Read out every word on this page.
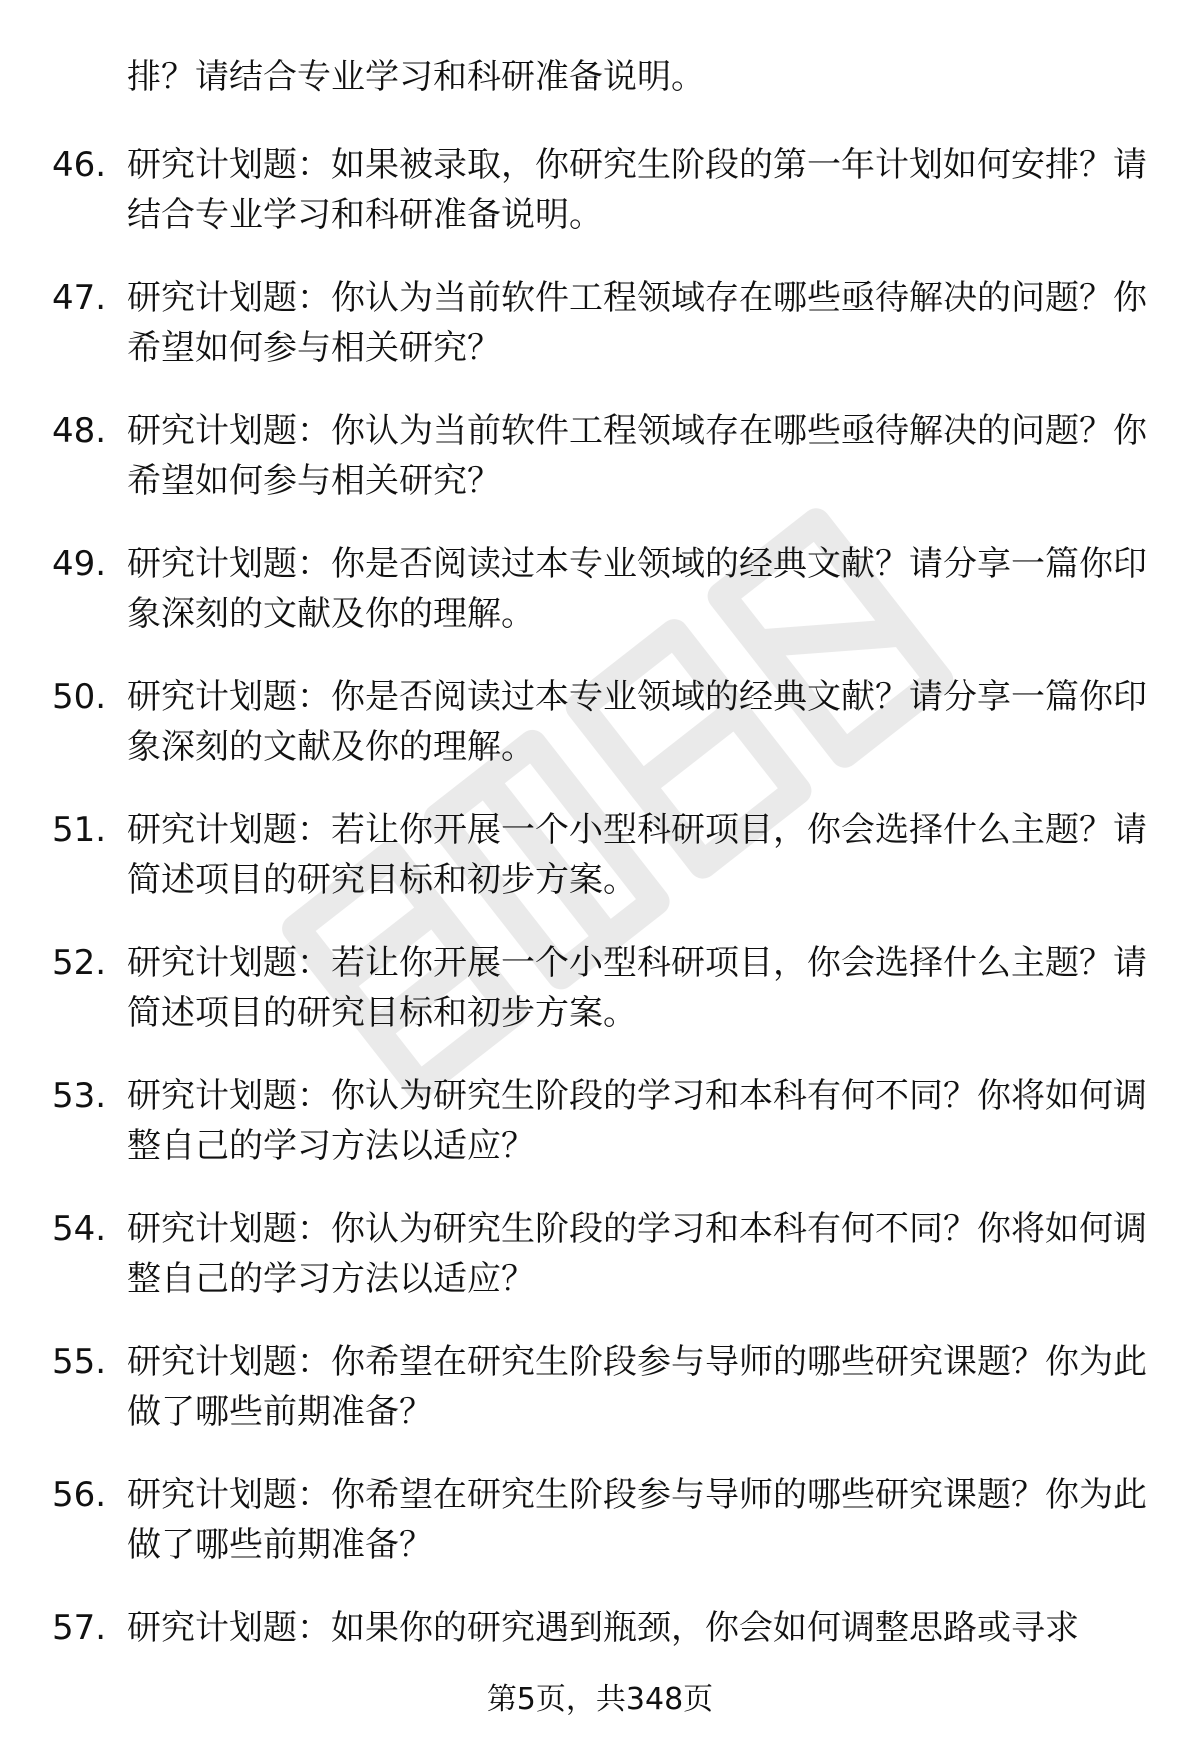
排？请结合专业学习和科研准备说明。
46. 研究计划题：如果被录取，你研究生阶段的第一年计划如何安排？请结合专业学习和科研准备说明。
47. 研究计划题：你认为当前软件工程领域存在哪些亟待解决的问题？你希望如何参与相关研究？
48. 研究计划题：你认为当前软件工程领域存在哪些亟待解决的问题？你希望如何参与相关研究？
49. 研究计划题：你是否阅读过本专业领域的经典文献？请分享一篇你印象深刻的文献及你的理解。
50. 研究计划题：你是否阅读过本专业领域的经典文献？请分享一篇你印象深刻的文献及你的理解。
51. 研究计划题：若让你开展一个小型科研项目，你会选择什么主题？请简述项目的研究目标和初步方案。
52. 研究计划题：若让你开展一个小型科研项目，你会选择什么主题？请简述项目的研究目标和初步方案。
53. 研究计划题：你认为研究生阶段的学习和本科有何不同？你将如何调整自己的学习方法以适应？
54. 研究计划题：你认为研究生阶段的学习和本科有何不同？你将如何调整自己的学习方法以适应？
55. 研究计划题：你希望在研究生阶段参与导师的哪些研究课题？你为此做了哪些前期准备？
56. 研究计划题：你希望在研究生阶段参与导师的哪些研究课题？你为此做了哪些前期准备？
57. 研究计划题：如果你的研究遇到瓶颈，你会如何调整思路或寻求
第5页，共348页
